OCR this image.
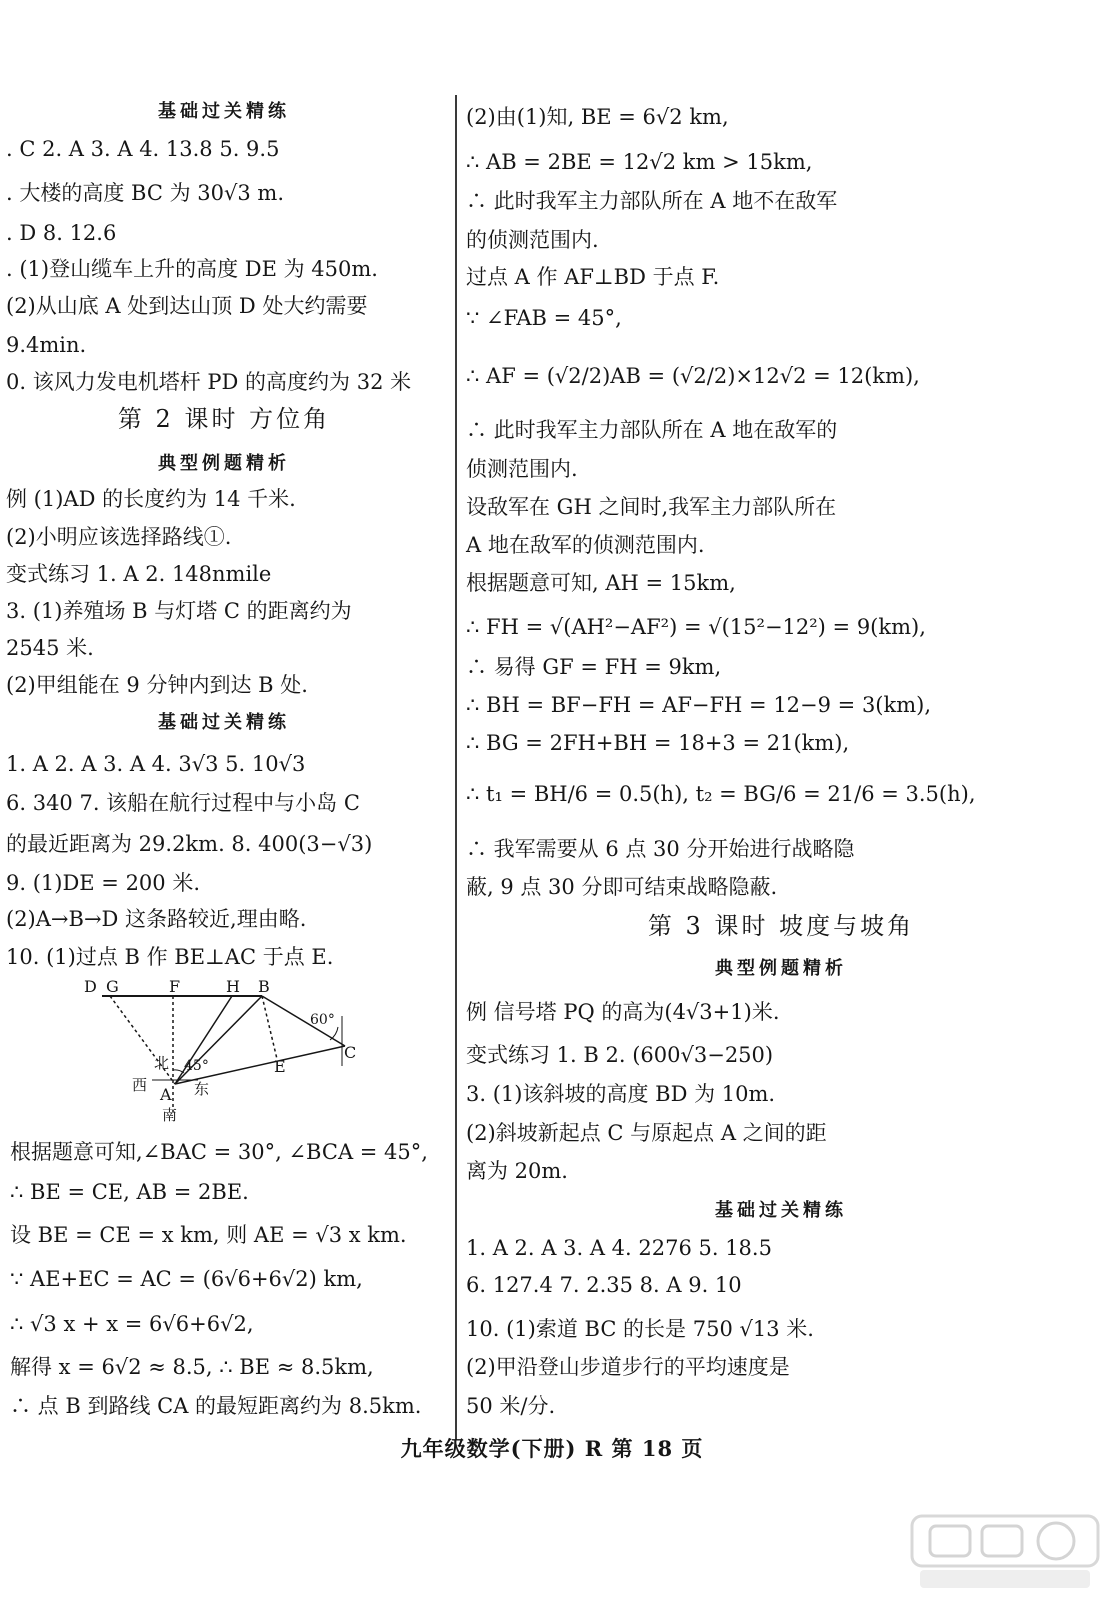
基础过关精练
. C 2. A 3. A 4. 13.8 5. 9.5
. 大楼的高度 BC 为 30√3 m.
. D 8. 12.6
. (1)登山缆车上升的高度 DE 为 450m.
(2)从山底 A 处到达山顶 D 处大约需要
9.4min.
0. 该风力发电机塔杆 PD 的高度约为 32 米
第 2 课时 方位角
典型例题精析
例 (1)AD 的长度约为 14 千米.
(2)小明应该选择路线①.
变式练习 1. A 2. 148nmile
3. (1)养殖场 B 与灯塔 C 的距离约为
2545 米.
(2)甲组能在 9 分钟内到达 B 处.
基础过关精练
1. A 2. A 3. A 4. 3√3 5. 10√3
6. 340 7. 该船在航行过程中与小岛 C
的最近距离为 29.2km. 8. 400(3−√3)
9. (1)DE = 200 米.
(2)A→B→D 这条路较近,理由略.
10. (1)过点 B 作 BE⊥AC 于点 E.
D G	F	H B
60°
C
E
北 45°
西	东
A
南
根据题意可知,∠BAC = 30°, ∠BCA = 45°,
∴ BE = CE, AB = 2BE.
设 BE = CE = x km, 则 AE = √3 x km.
∵ AE+EC = AC = (6√6+6√2) km,
∴ √3 x + x = 6√6+6√2,
解得 x = 6√2 ≈ 8.5, ∴ BE ≈ 8.5km,
∴ 点 B 到路线 CA 的最短距离约为 8.5km.
(2)由(1)知, BE = 6√2 km,
∴ AB = 2BE = 12√2 km > 15km,
∴ 此时我军主力部队所在 A 地不在敌军
的侦测范围内.
过点 A 作 AF⊥BD 于点 F.
∵ ∠FAB = 45°,
∴ AF = (√2/2)AB = (√2/2)×12√2 = 12(km),
∴ 此时我军主力部队所在 A 地在敌军的
侦测范围内.
设敌军在 GH 之间时,我军主力部队所在
A 地在敌军的侦测范围内.
根据题意可知, AH = 15km,
∴ FH = √(AH²−AF²) = √(15²−12²) = 9(km),
∴ 易得 GF = FH = 9km,
∴ BH = BF−FH = AF−FH = 12−9 = 3(km),
∴ BG = 2FH+BH = 18+3 = 21(km),
∴ t₁ = BH/6 = 0.5(h), t₂ = BG/6 = 21/6 = 3.5(h),
∴ 我军需要从 6 点 30 分开始进行战略隐
蔽, 9 点 30 分即可结束战略隐蔽.
第 3 课时 坡度与坡角
典型例题精析
例 信号塔 PQ 的高为(4√3+1)米.
变式练习 1. B 2. (600√3−250)
3. (1)该斜坡的高度 BD 为 10m.
(2)斜坡新起点 C 与原起点 A 之间的距
离为 20m.
基础过关精练
1. A 2. A 3. A 4. 2276 5. 18.5
6. 127.4 7. 2.35 8. A 9. 10
10. (1)索道 BC 的长是 750 √13 米.
(2)甲沿登山步道步行的平均速度是
50 米/分.
九年级数学(下册) R 第 18 页
